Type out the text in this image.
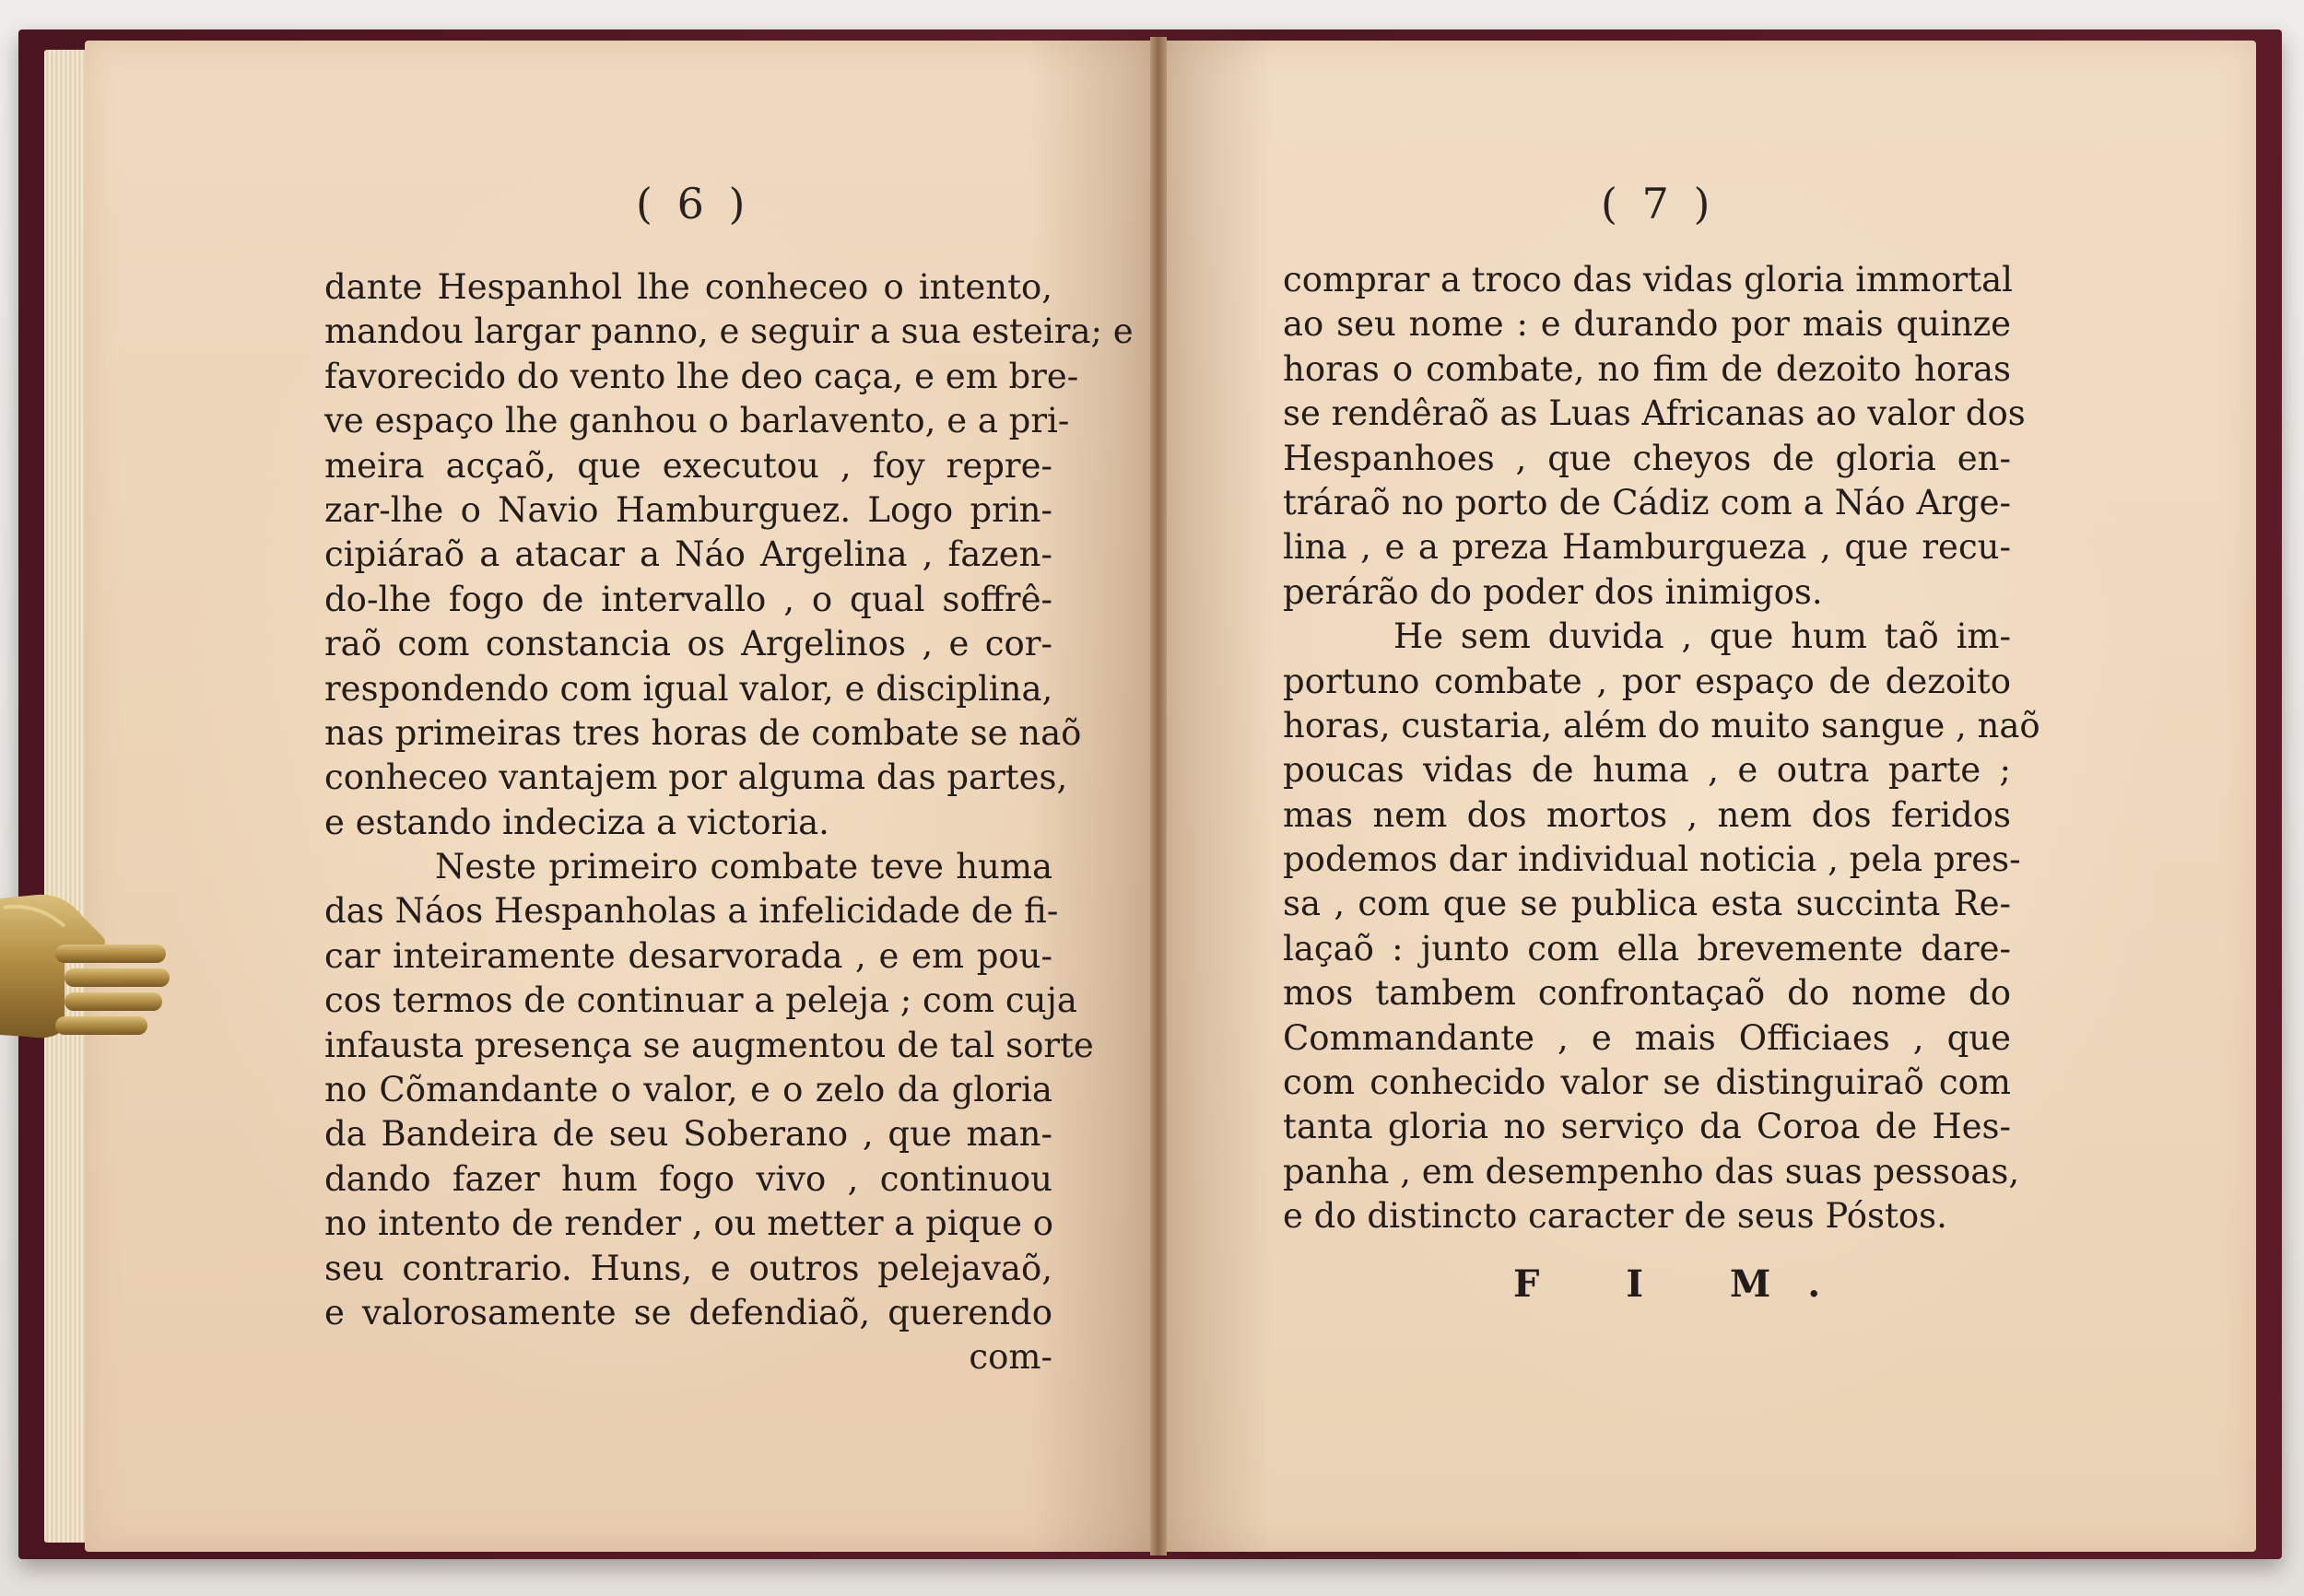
( 6 )
dante Hespanhol lhe conheceo o intento,
mandou largar panno, e seguir a sua esteira; e
favorecido do vento lhe deo caça, e em bre-
ve espaço lhe ganhou o barlavento, e a pri-
meira acçaõ, que executou , foy repre-
zar-lhe o Navio Hamburguez. Logo prin-
cipiáraõ a atacar a Náo Argelina , fazen-
do-lhe fogo de intervallo , o qual soffrê-
raõ com constancia os Argelinos , e cor-
respondendo com igual valor, e disciplina,
nas primeiras tres horas de combate se naõ
conheceo vantajem por alguma das partes,
e estando indeciza a victoria.
Neste primeiro combate teve huma
das Náos Hespanholas a infelicidade de fi-
car inteiramente desarvorada , e em pou-
cos termos de continuar a peleja ; com cuja
infausta presença se augmentou de tal sorte
no Cõmandante o valor, e o zelo da gloria
da Bandeira de seu Soberano , que man-
dando fazer hum fogo vivo , continuou
no intento de render , ou metter a pique o
seu contrario. Huns, e outros pelejavaõ,
e valorosamente se defendiaõ, querendo
com-
( 7 )
comprar a troco das vidas gloria immortal
ao seu nome : e durando por mais quinze
horas o combate, no fim de dezoito horas
se rendêraõ as Luas Africanas ao valor dos
Hespanhoes , que cheyos de gloria en-
tráraõ no porto de Cádiz com a Náo Arge-
lina , e a preza Hamburgueza , que recu-
perárão do poder dos inimigos.
He sem duvida , que hum taõ im-
portuno combate , por espaço de dezoito
horas, custaria, além do muito sangue , naõ
poucas vidas de huma , e outra parte ;
mas nem dos mortos , nem dos feridos
podemos dar individual noticia , pela pres-
sa , com que se publica esta succinta Re-
laçaõ : junto com ella brevemente dare-
mos tambem confrontaçaõ do nome do
Commandante , e mais Officiaes , que
com conhecido valor se distinguiraõ com
tanta gloria no serviço da Coroa de Hes-
panha , em desempenho das suas pessoas,
e do distincto caracter de seus Póstos.
F I M.
